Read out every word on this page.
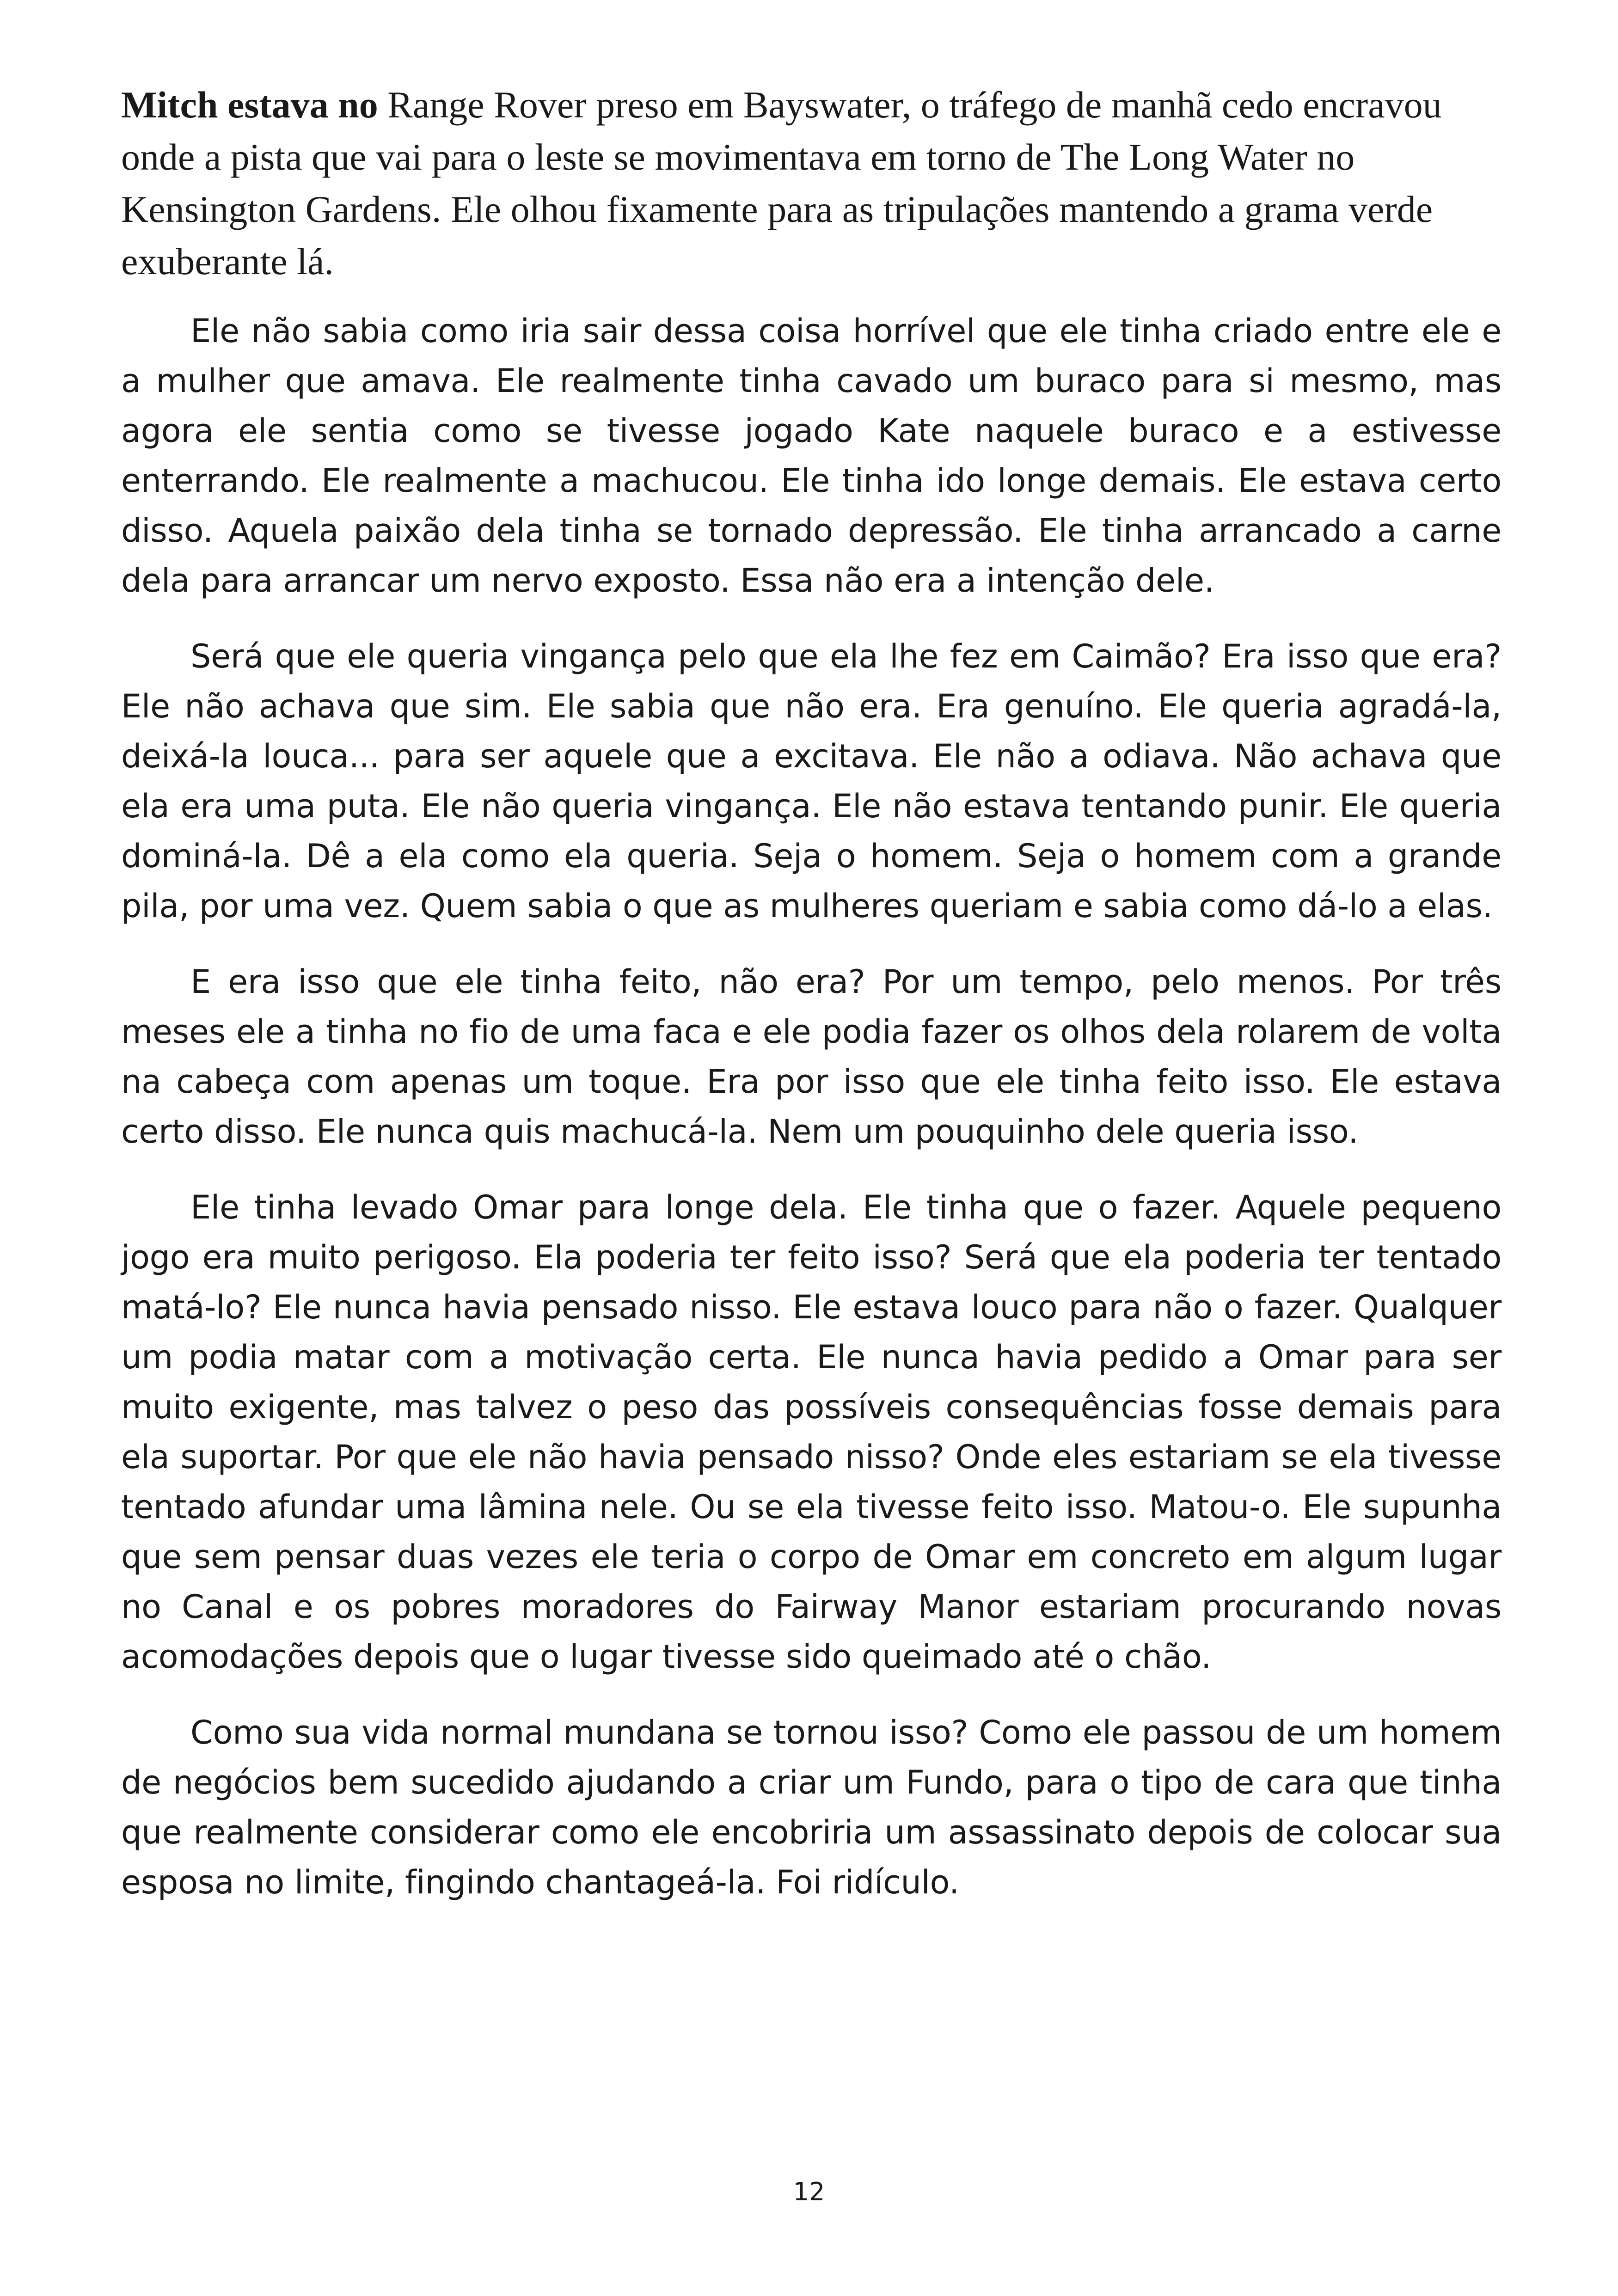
Mitch estava no Range Rover preso em Bayswater, o tráfego de manhã cedo encravou onde a pista que vai para o leste se movimentava em torno de The Long Water no Kensington Gardens. Ele olhou fixamente para as tripulações mantendo a grama verde exuberante lá.

Ele não sabia como iria sair dessa coisa horrível que ele tinha criado entre ele e a mulher que amava. Ele realmente tinha cavado um buraco para si mesmo, mas agora ele sentia como se tivesse jogado Kate naquele buraco e a estivesse enterrando. Ele realmente a machucou. Ele tinha ido longe demais. Ele estava certo disso. Aquela paixão dela tinha se tornado depressão. Ele tinha arrancado a carne dela para arrancar um nervo exposto. Essa não era a intenção dele.

Será que ele queria vingança pelo que ela lhe fez em Caimão? Era isso que era? Ele não achava que sim. Ele sabia que não era. Era genuíno. Ele queria agradá-la, deixá-la louca... para ser aquele que a excitava. Ele não a odiava. Não achava que ela era uma puta. Ele não queria vingança. Ele não estava tentando punir. Ele queria dominá-la. Dê a ela como ela queria. Seja o homem. Seja o homem com a grande pila, por uma vez. Quem sabia o que as mulheres queriam e sabia como dá-lo a elas.

E era isso que ele tinha feito, não era? Por um tempo, pelo menos. Por três meses ele a tinha no fio de uma faca e ele podia fazer os olhos dela rolarem de volta na cabeça com apenas um toque. Era por isso que ele tinha feito isso. Ele estava certo disso. Ele nunca quis machucá-la. Nem um pouquinho dele queria isso.

Ele tinha levado Omar para longe dela. Ele tinha que o fazer. Aquele pequeno jogo era muito perigoso. Ela poderia ter feito isso? Será que ela poderia ter tentado matá-lo? Ele nunca havia pensado nisso. Ele estava louco para não o fazer. Qualquer um podia matar com a motivação certa. Ele nunca havia pedido a Omar para ser muito exigente, mas talvez o peso das possíveis consequências fosse demais para ela suportar. Por que ele não havia pensado nisso? Onde eles estariam se ela tivesse tentado afundar uma lâmina nele. Ou se ela tivesse feito isso. Matou-o. Ele supunha que sem pensar duas vezes ele teria o corpo de Omar em concreto em algum lugar no Canal e os pobres moradores do Fairway Manor estariam procurando novas acomodações depois que o lugar tivesse sido queimado até o chão.

Como sua vida normal mundana se tornou isso? Como ele passou de um homem de negócios bem sucedido ajudando a criar um Fundo, para o tipo de cara que tinha que realmente considerar como ele encobriria um assassinato depois de colocar sua esposa no limite, fingindo chantageá-la. Foi ridículo.

12
